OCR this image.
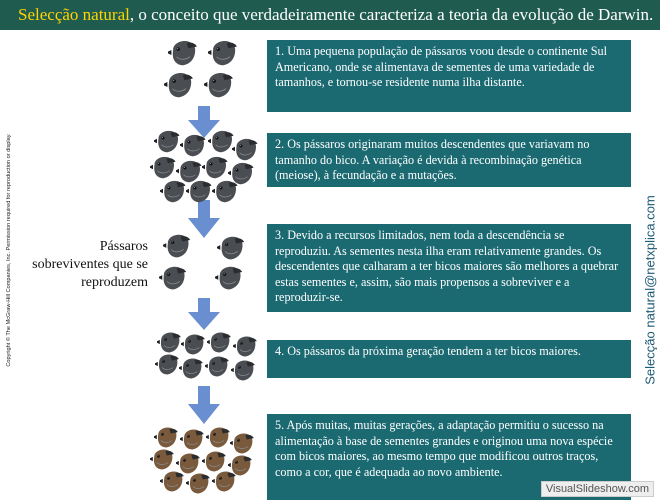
Selecção natural, o conceito que verdadeiramente caracteriza a teoria da evolução de Darwin.
Copyright © The McGraw-Hill Companies, Inc. Permission required for reproduction or display.	Selecção natural@netxplica.com
Pássaros sobreviventes que se reproduzem
1. Uma pequena população de pássaros voou desde o continente Sul Americano, onde se alimentava de sementes de uma variedade de tamanhos, e tornou-se residente numa ilha distante.
2. Os pássaros originaram muitos descendentes que variavam no tamanho do bico. A variação é devida à recombinação genética (meiose), à fecundação e a mutações.
3. Devido a recursos limitados, nem toda a descendência se reproduziu. As sementes nesta ilha eram relativamente grandes. Os descendentes que calharam a ter bicos maiores são melhores a quebrar estas sementes e, assim, são mais propensos a sobreviver e a reproduzir-se.
4. Os pássaros da próxima geração tendem a ter bicos maiores.
5. Após muitas, muitas gerações, a adaptação permitiu o sucesso na alimentação à base de sementes grandes e originou uma nova espécie com bicos maiores, ao mesmo tempo que modificou outros traços, como a cor, que é adequada ao novo ambiente.
VisualSlideshow.com
